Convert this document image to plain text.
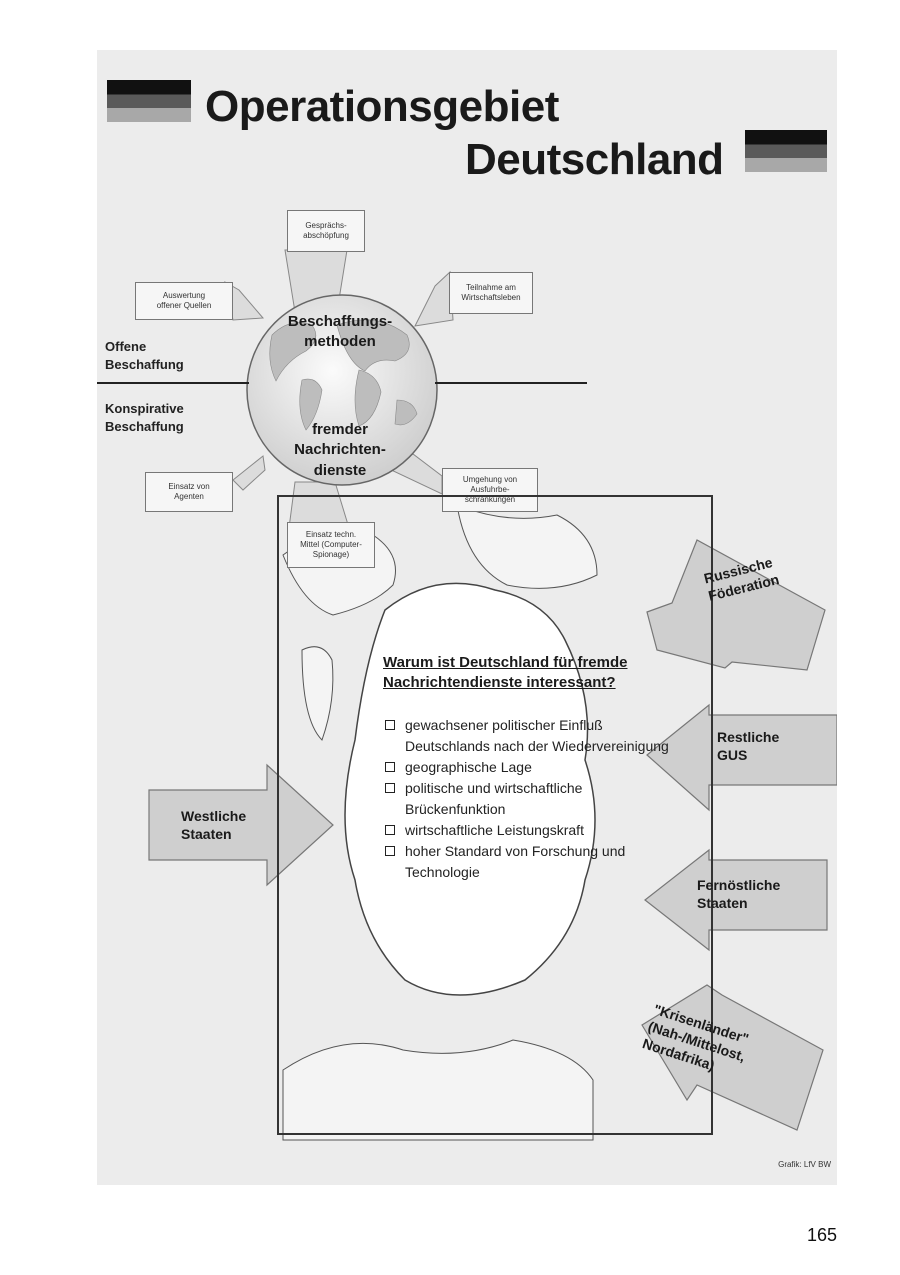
Operationsgebiet
Deutschland
Gesprächs-
abschöpfung
Teilnahme am
Wirtschaftsleben
Auswertung
offener Quellen
Einsatz von
Agenten
Umgehung von
Ausfuhrbe-
schränkungen
Einsatz techn.
Mittel (Computer-
Spionage)
Offene
Beschaffung
Konspirative
Beschaffung
Beschaffungs-
methoden
fremder
Nachrichten-
dienste
Warum ist Deutschland für fremde Nachrichtendienste interessant?
gewachsener politischer Einfluß Deutschlands nach der Wiedervereinigung
geographische Lage
politische und wirtschaftliche Brückenfunktion
wirtschaftliche Leistungskraft
hoher Standard von Forschung und Technologie
Russische
Föderation
Restliche
GUS
Westliche
Staaten
Fernöstliche
Staaten
"Krisenländer"
(Nah-/Mittelost,
Nordafrika)
Grafik: LfV BW
165
